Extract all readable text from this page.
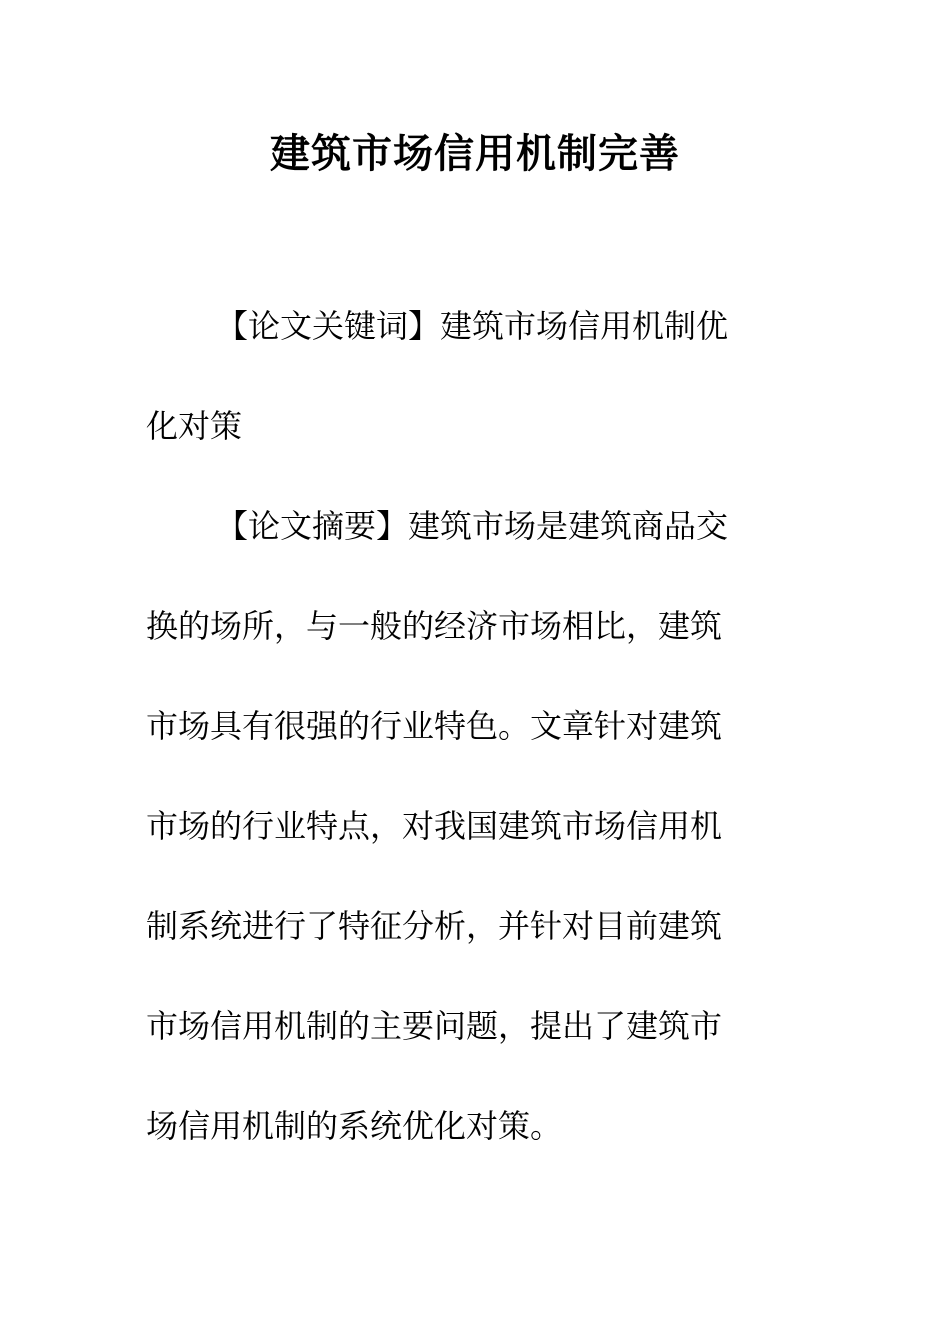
建筑市场信用机制完善
【论文关键词】建筑市场信用机制优
化对策
【论文摘要】建筑市场是建筑商品交
换的场所，与一般的经济市场相比，建筑
市场具有很强的行业特色。文章针对建筑
市场的行业特点，对我国建筑市场信用机
制系统进行了特征分析，并针对目前建筑
市场信用机制的主要问题，提出了建筑市
场信用机制的系统优化对策。
